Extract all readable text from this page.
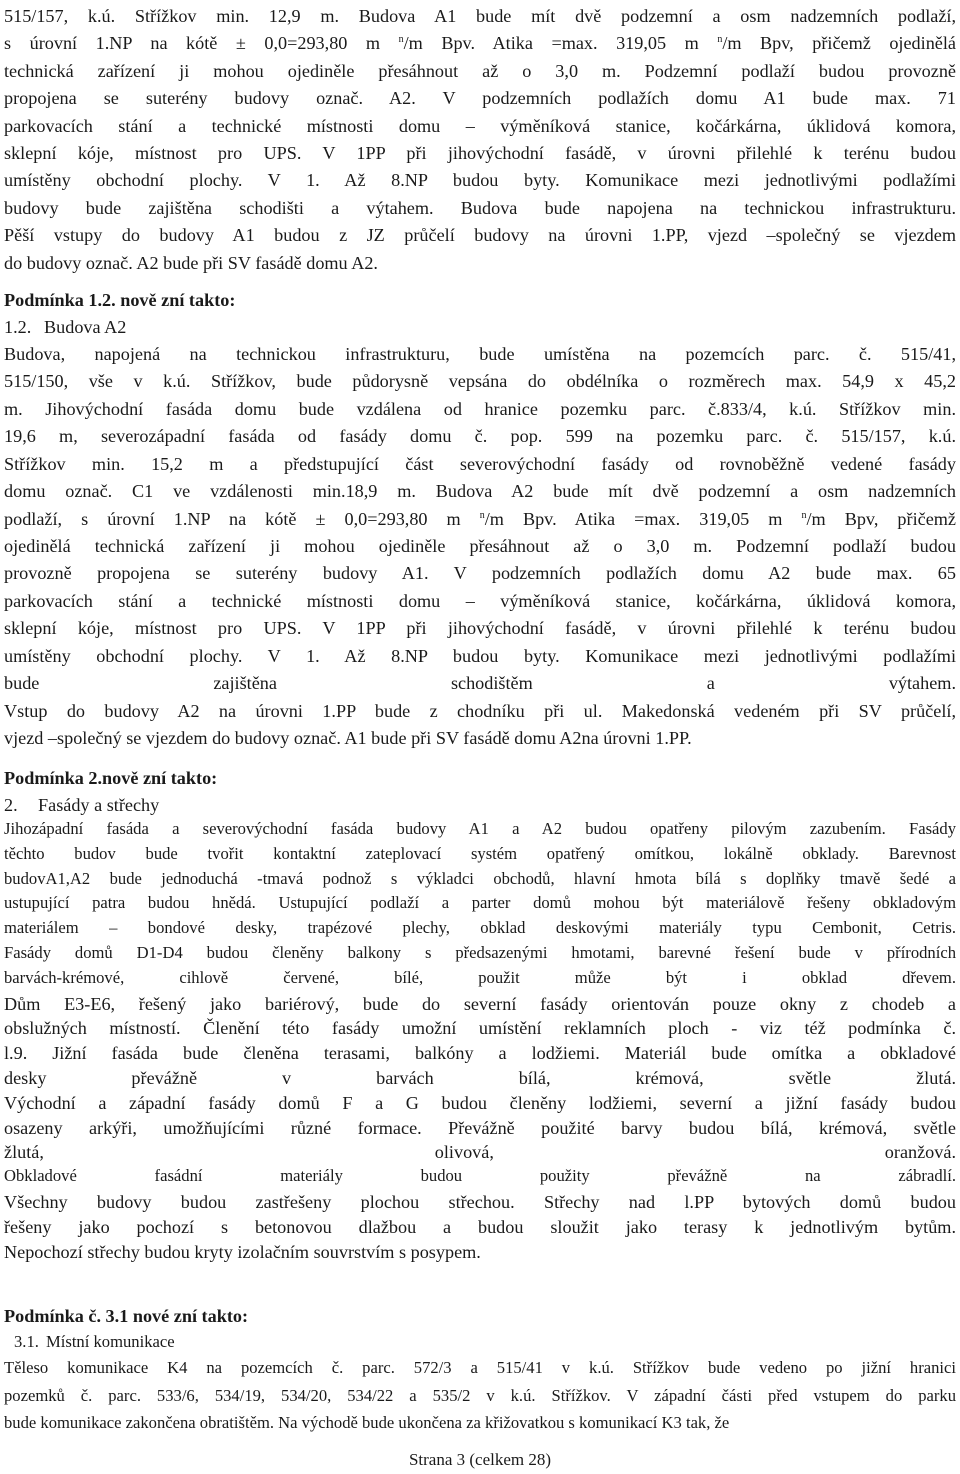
515/157, k.ú. Střížkov min. 12,9 m. Budova A1 bude mít dvě podzemní a osm nadzemních podlaží,
s úrovní 1.NP na kótě ± 0,0=293,80 m $^n$/m Bpv. Atika =max. 319,05 m $^n$/m Bpv, přičemž ojedinělá
technická zařízení ji mohou ojediněle přesáhnout až o 3,0 m. Podzemní podlaží budou provozně
propojena se suterény budovy označ. A2. V podzemních podlažích domu A1 bude max. 71
parkovacích stání a technické místnosti domu – výměníková stanice, kočárkárna, úklidová komora,
sklepní kóje, místnost pro UPS. V 1PP při jihovýchodní fasádě, v úrovni přilehlé k terénu budou
umístěny obchodní plochy. V 1. Až 8.NP budou byty. Komunikace mezi jednotlivými podlažími
budovy bude zajištěna schodišti a výtahem. Budova bude napojena na technickou infrastrukturu.
Pěší vstupy do budovy A1 budou z JZ průčelí budovy na úrovni 1.PP, vjezd –společný se vjezdem
do budovy označ. A2 bude při SV fasádě domu A2.
Podmínka 1.2. nově zní takto:
1.2. Budova A2
Budova, napojená na technickou infrastrukturu, bude umístěna na pozemcích parc. č. 515/41,
515/150, vše v k.ú. Střížkov, bude půdorysně vepsána do obdélníka o rozměrech max. 54,9 x 45,2
m. Jihovýchodní fasáda domu bude vzdálena od hranice pozemku parc. č.833/4, k.ú. Střížkov min.
19,6 m, severozápadní fasáda od fasády domu č. pop. 599 na pozemku parc. č. 515/157, k.ú.
Střížkov min. 15,2 m a předstupující část severovýchodní fasády od rovnoběžně vedené fasády
domu označ. C1 ve vzdálenosti min.18,9 m. Budova A2 bude mít dvě podzemní a osm nadzemních
podlaží, s úrovní 1.NP na kótě ± 0,0=293,80 m $^n$/m Bpv. Atika =max. 319,05 m $^n$/m Bpv, přičemž
ojedinělá technická zařízení ji mohou ojediněle přesáhnout až o 3,0 m. Podzemní podlaží budou
provozně propojena se suterény budovy A1. V podzemních podlažích domu A2 bude max. 65
parkovacích stání a technické místnosti domu – výměníková stanice, kočárkárna, úklidová komora,
sklepní kóje, místnost pro UPS. V 1PP při jihovýchodní fasádě, v úrovni přilehlé k terénu budou
umístěny obchodní plochy. V 1. Až 8.NP budou byty. Komunikace mezi jednotlivými podlažími
bude zajištěna schodištěm a výtahem.
Vstup do budovy A2 na úrovni 1.PP bude z chodníku při ul. Makedonská vedeném při SV průčelí,
vjezd –společný se vjezdem do budovy označ. A1 bude při SV fasádě domu A2na úrovni 1.PP.
Podmínka 2.nově zní takto:
2. Fasády a střechy
Jihozápadní fasáda a severovýchodní fasáda budovy A1 a A2 budou opatřeny pilovým zazubením. Fasády
těchto budov bude tvořit kontaktní zateplovací systém opatřený omítkou, lokálně obklady. Barevnost
budovA1,A2 bude jednoduchá -tmavá podnož s výkladci obchodů, hlavní hmota bílá s doplňky tmavě šedé a
ustupující patra budou hnědá. Ustupující podlaží a parter domů mohou být materiálově řešeny obkladovým
materiálem – bondové desky, trapézové plechy, obklad deskovými materiály typu Cembonit, Cetris.
Fasády domů D1-D4 budou členěny balkony s předsazenými hmotami, barevné řešení bude v přírodních
barvách-krémové, cihlově červené, bílé, použit může být i obklad dřevem.
Dům E3-E6, řešený jako bariérový, bude do severní fasády orientován pouze okny z chodeb a
obslužných místností. Členění této fasády umožní umístění reklamních ploch - viz též podmínka č.
l.9. Jižní fasáda bude členěna terasami, balkóny a lodžiemi. Materiál bude omítka a obkladové
desky převážně v barvách bílá, krémová, světle žlutá.
Východní a západní fasády domů F a G budou členěny lodžiemi, severní a jižní fasády budou
osazeny arkýři, umožňujícími různé formace. Převážně použité barvy budou bílá, krémová, světle
žlutá, olivová, oranžová.
Obkladové fasádní materiály budou použity převážně na zábradlí.
Všechny budovy budou zastřešeny plochou střechou. Střechy nad l.PP bytových domů budou
řešeny jako pochozí s betonovou dlažbou a budou sloužit jako terasy k jednotlivým bytům.
Nepochozí střechy budou kryty izolačním souvrstvím s posypem.
Podmínka č. 3.1 nové zní takto:
3.1. Místní komunikace
Těleso komunikace K4 na pozemcích č. parc. 572/3 a 515/41 v k.ú. Střížkov bude vedeno po jižní hranici
pozemků č. parc. 533/6, 534/19, 534/20, 534/22 a 535/2 v k.ú. Střížkov. V západní části před vstupem do parku
bude komunikace zakončena obratištěm. Na východě bude ukončena za křižovatkou s komunikací K3 tak, že
Strana 3 (celkem 28)
